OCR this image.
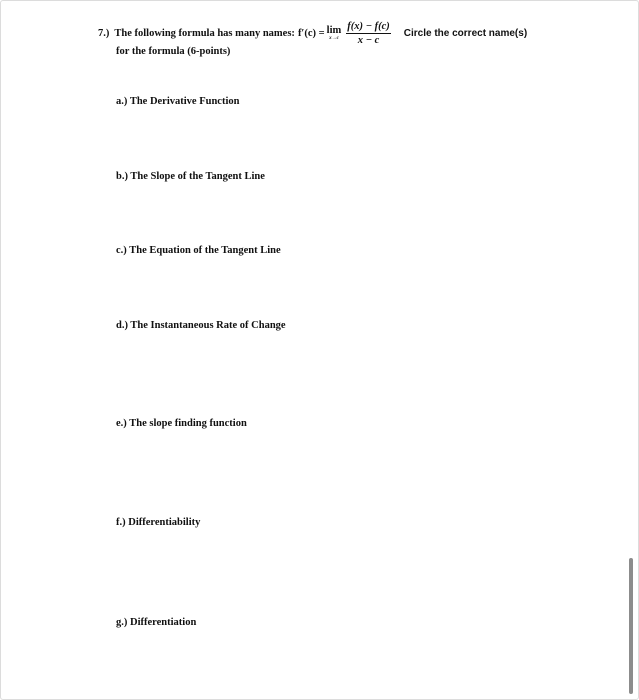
7.) The following formula has many names: f′(c) = lim
$x\to c \frac{f(x) - f(c)}{x - c}$ Circle the correct name(s)
for the formula (6-points)
a.) The Derivative Function
b.) The Slope of the Tangent Line
c.) The Equation of the Tangent Line
d.) The Instantaneous Rate of Change
e.) The slope finding function
f.) Differentiability
g.) Differentiation
